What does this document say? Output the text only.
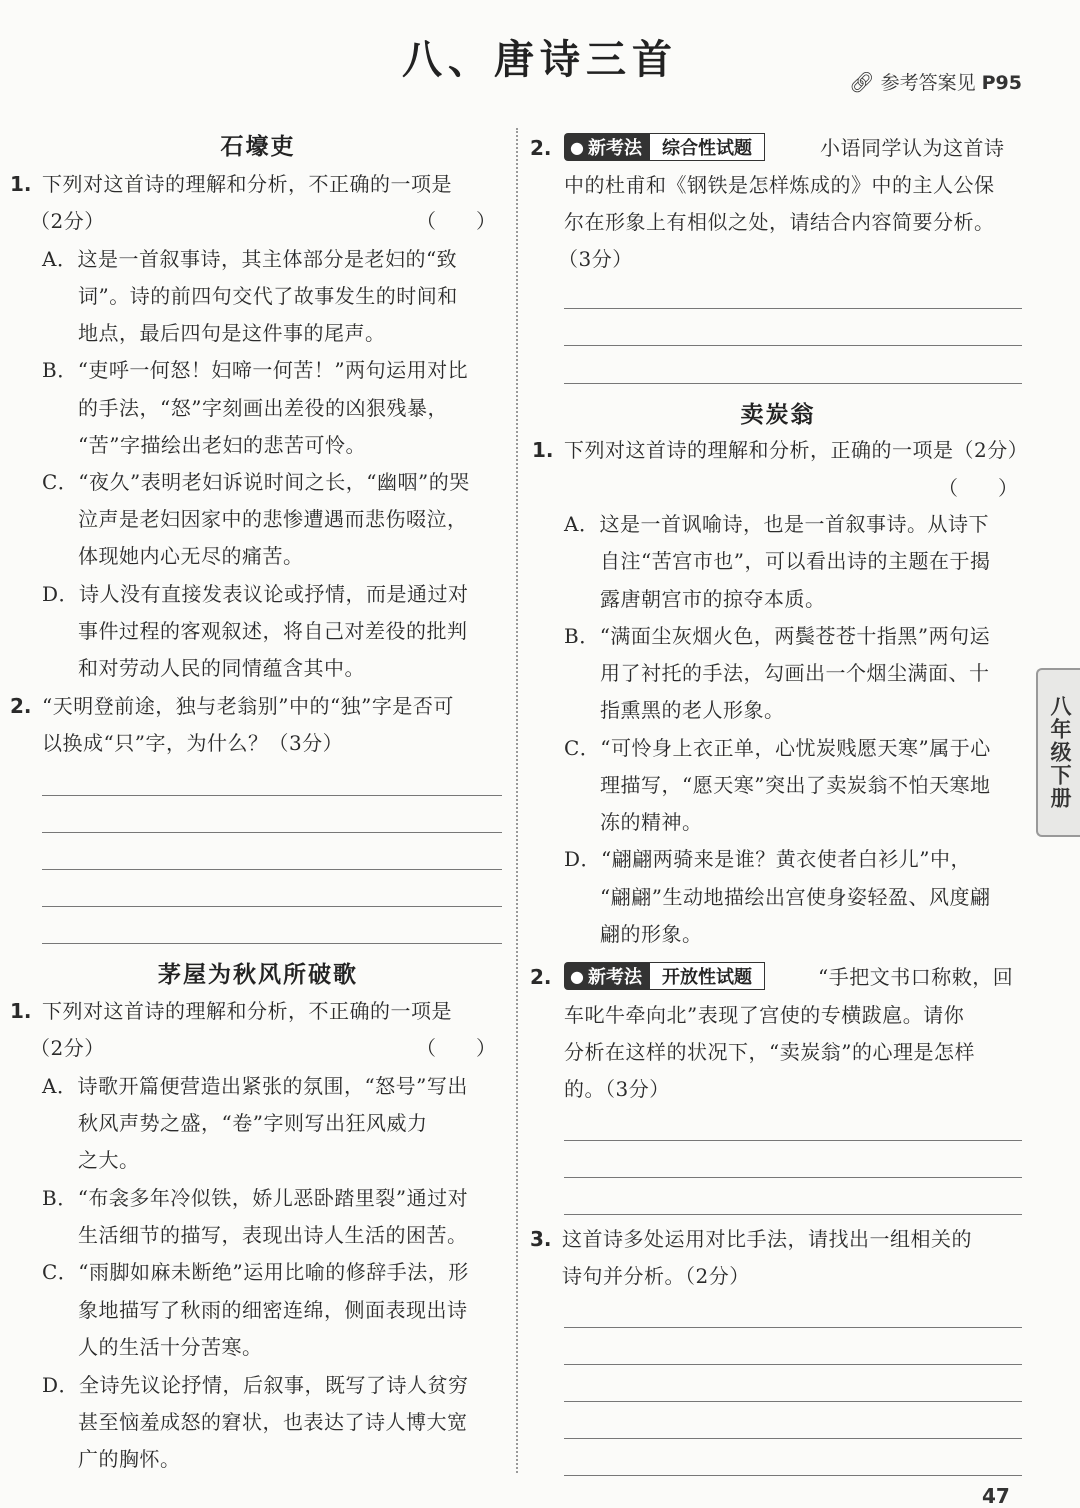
八、唐诗三首	🔗︎ 参考答案见 P95
石壕吏
1. 下列对这首诗的理解和分析，不正确的一项是
（2分）	（　　）
A．这是一首叙事诗，其主体部分是老妇的“致
词”。诗的前四句交代了故事发生的时间和
地点，最后四句是这件事的尾声。
B．“吏呼一何怒！妇啼一何苦！”两句运用对比
的手法，“怒”字刻画出差役的凶狠残暴，
“苦”字描绘出老妇的悲苦可怜。
C．“夜久”表明老妇诉说时间之长，“幽咽”的哭
泣声是老妇因家中的悲惨遭遇而悲伤啜泣，
体现她内心无尽的痛苦。
D．诗人没有直接发表议论或抒情，而是通过对
事件过程的客观叙述，将自己对差役的批判
和对劳动人民的同情蕴含其中。
2. “天明登前途，独与老翁别”中的“独”字是否可
以换成“只”字，为什么？（3分）
茅屋为秋风所破歌
1. 下列对这首诗的理解和分析，不正确的一项是
（2分）	（　　）
A．诗歌开篇便营造出紧张的氛围，“怒号”写出
秋风声势之盛，“卷”字则写出狂风威力
之大。
B．“布衾多年冷似铁，娇儿恶卧踏里裂”通过对
生活细节的描写，表现出诗人生活的困苦。
C．“雨脚如麻未断绝”运用比喻的修辞手法，形
象地描写了秋雨的细密连绵，侧面表现出诗
人的生活十分苦寒。
D．全诗先议论抒情，后叙事，既写了诗人贫穷
甚至恼羞成怒的窘状，也表达了诗人博大宽
广的胸怀。
2. ● 新考法	综合性试题	小语同学认为这首诗
中的杜甫和《钢铁是怎样炼成的》中的主人公保
尔在形象上有相似之处，请结合内容简要分析。
（3分）
卖炭翁
1. 下列对这首诗的理解和分析，正确的一项是（2分）
（　　）
A．这是一首讽喻诗，也是一首叙事诗。从诗下
自注“苦宫市也”，可以看出诗的主题在于揭
露唐朝宫市的掠夺本质。
B．“满面尘灰烟火色，两鬓苍苍十指黑”两句运
用了衬托的手法，勾画出一个烟尘满面、十
指熏黑的老人形象。
C．“可怜身上衣正单，心忧炭贱愿天寒”属于心
理描写，“愿天寒”突出了卖炭翁不怕天寒地
冻的精神。
D．“翩翩两骑来是谁？黄衣使者白衫儿”中，
“翩翩”生动地描绘出宫使身姿轻盈、风度翩
翩的形象。
2. ● 新考法	开放性试题	“手把文书口称敕，回
车叱牛牵向北”表现了宫使的专横跋扈。请你
分析在这样的状况下，“卖炭翁”的心理是怎样
的。（3分）
3. 这首诗多处运用对比手法，请找出一组相关的
诗句并分析。（2分）
八年级下册
47
